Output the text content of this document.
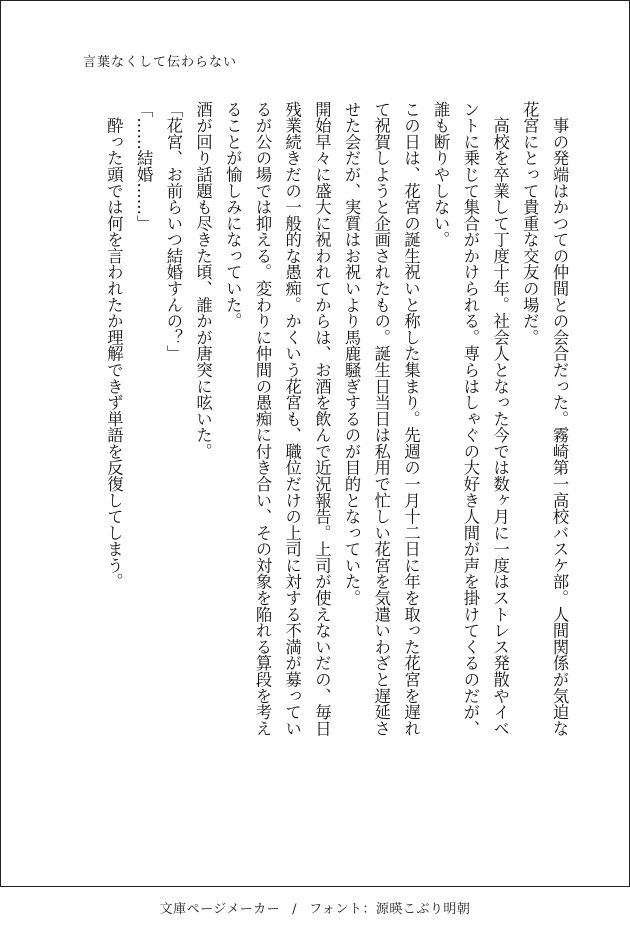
言葉なくして伝わらない
　事の発端はかつての仲間との会合だった。霧崎第一高校バスケ部。人間関係が気迫な
花宮にとって貴重な交友の場だ。
　高校を卒業して丁度十年。社会人となった今では数ヶ月に一度はストレス発散やイベ
ントに乗じて集合がかけられる。専らはしゃぐの大好き人間が声を掛けてくるのだが、
誰も断りやしない。
この日は、花宮の誕生祝いと称した集まり。先週の一月十二日に年を取った花宮を遅れ
て祝賀しようと企画されたもの。誕生日当日は私用で忙しい花宮を気遣いわざと遅延さ
せた会だが、実質はお祝いより馬鹿騒ぎするのが目的となっていた。
開始早々に盛大に祝われてからは、お酒を飲んで近況報告。上司が使えないだの、毎日
残業続きだの一般的な愚痴。かくいう花宮も、職位だけの上司に対する不満が募ってい
るが公の場では抑える。変わりに仲間の愚痴に付き合い、その対象を陥れる算段を考え
ることが愉しみになっていた。
酒が回り話題も尽きた頃、誰かが唐突に呟いた。
「花宮、お前らいつ結婚すんの？」
「……結婚……」
　酔った頭では何を言われたか理解できず単語を反復してしまう。
文庫ページメーカー / フォント：源暎こぶり明朝
